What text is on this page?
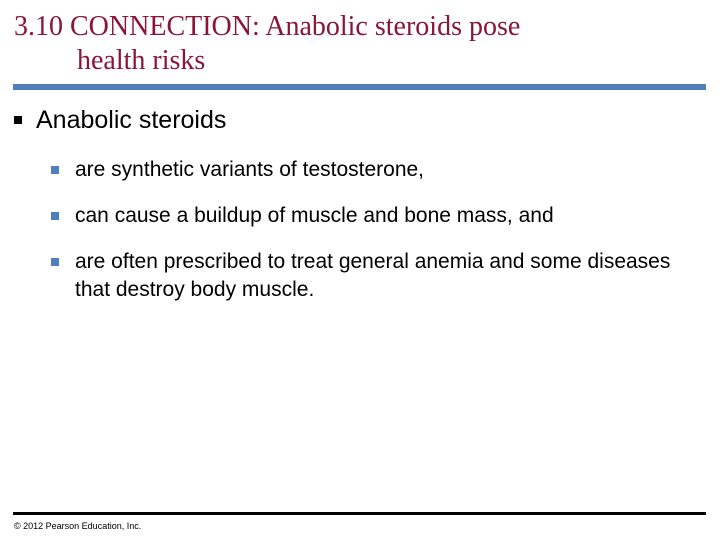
3.10 CONNECTION: Anabolic steroids pose
health risks
Anabolic steroids
are synthetic variants of testosterone,
can cause a buildup of muscle and bone mass, and
are often prescribed to treat general anemia and some diseases that destroy body muscle.
© 2012 Pearson Education, Inc.
